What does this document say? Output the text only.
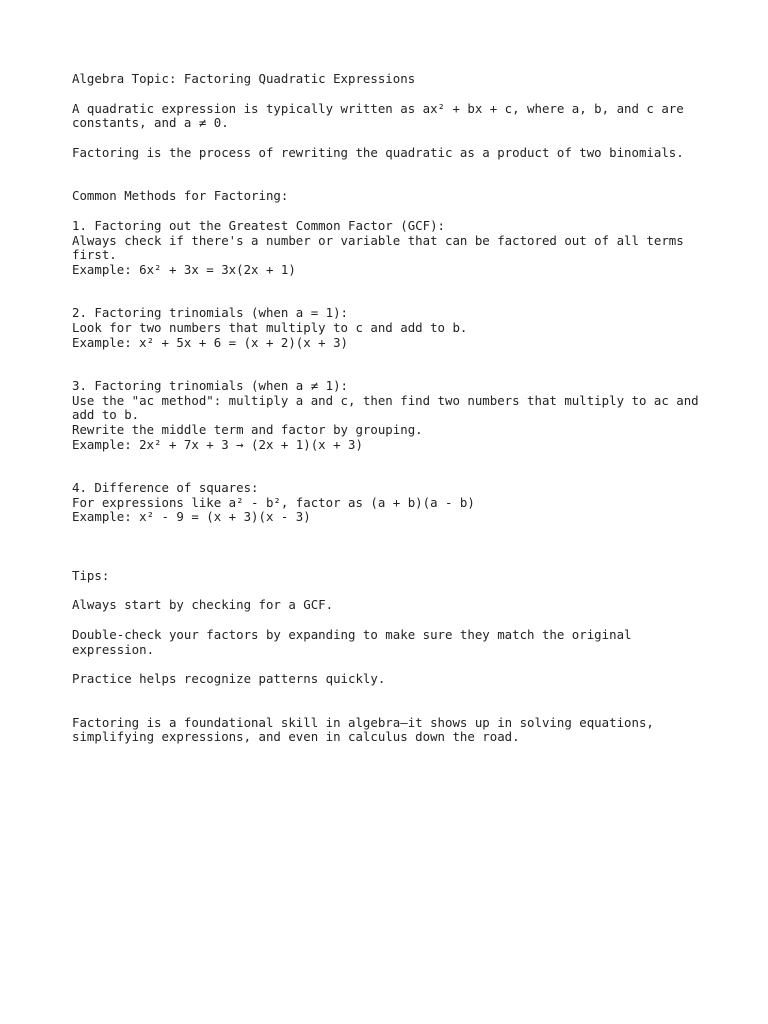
Algebra Topic: Factoring Quadratic Expressions

A quadratic expression is typically written as ax² + bx + c, where a, b, and c are constants, and a ≠ 0.

Factoring is the process of rewriting the quadratic as a product of two binomials.

Common Methods for Factoring:

1. Factoring out the Greatest Common Factor (GCF):

Always check if there's a number or variable that can be factored out of all terms first.

Example: 6x² + 3x = 3x(2x + 1)

2. Factoring trinomials (when a = 1):

Look for two numbers that multiply to c and add to b.

Example: x² + 5x + 6 = (x + 2)(x + 3)

3. Factoring trinomials (when a ≠ 1):

Use the "ac method": multiply a and c, then find two numbers that multiply to ac and add to b.

Rewrite the middle term and factor by grouping.

Example: 2x² + 7x + 3 → (2x + 1)(x + 3)

4. Difference of squares:

For expressions like a² - b², factor as (a + b)(a - b)

Example: x² - 9 = (x + 3)(x - 3)

Tips:

Always start by checking for a GCF.

Double-check your factors by expanding to make sure they match the original expression.

Practice helps recognize patterns quickly.

Factoring is a foundational skill in algebra—it shows up in solving equations, simplifying expressions, and even in calculus down the road.
